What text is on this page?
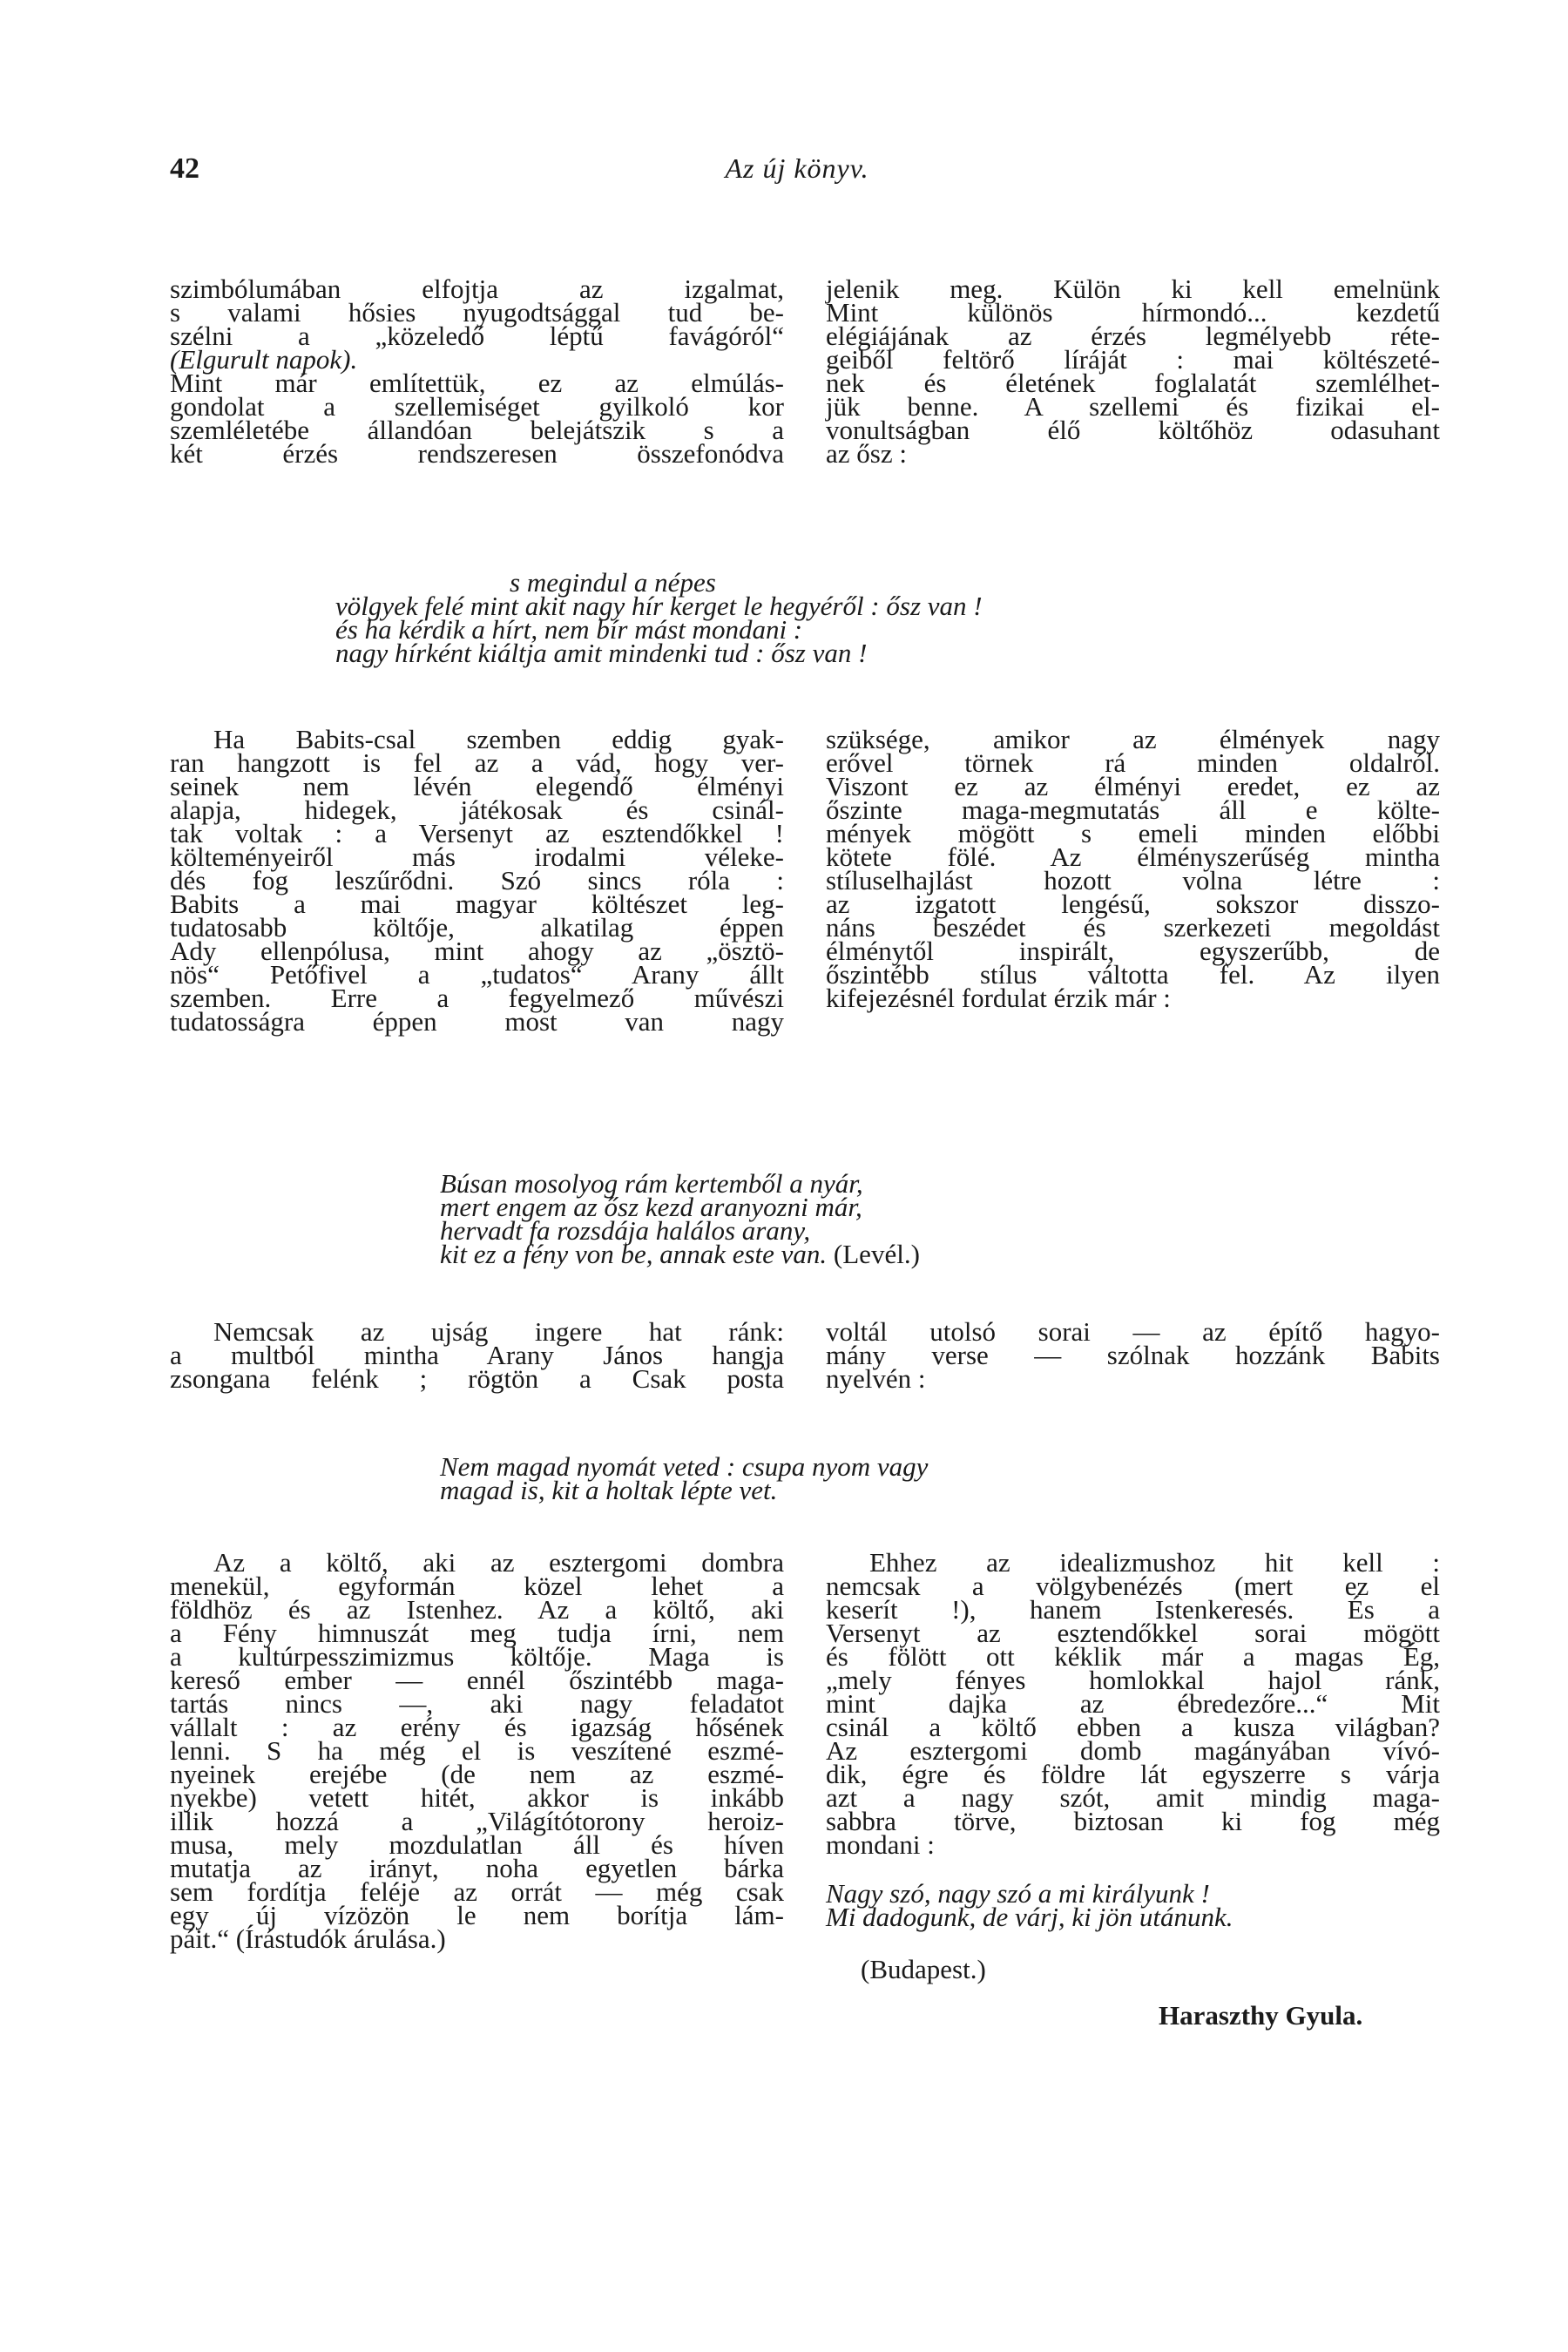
42	Az új könyv.
szimbólumában elfojtja az izgalmat,
s valami hősies nyugodtsággal tud be-
szélni a „közeledő léptű favágóról“
(Elgurult napok).
Mint már említettük, ez az elmúlás-
gondolat a szellemiséget gyilkoló kor
szemléletébe állandóan belejátszik s a
két érzés rendszeresen összefonódva
jelenik meg. Külön ki kell emelnünk
Mint különös hírmondó... kezdetű
elégiájának az érzés legmélyebb réte-
geiből feltörő líráját : mai költészeté-
nek és életének foglalatát szemlélhet-
jük benne. A szellemi és fizikai el-
vonultságban élő költőhöz odasuhant
az ősz :
s megindul a népes
völgyek felé mint akit nagy hír kerget le hegyéről : ősz van !
és ha kérdik a hírt, nem bír mást mondani :
nagy hírként kiáltja amit mindenki tud : ősz van !
Ha Babits-csal szemben eddig gyak-
ran hangzott is fel az a vád, hogy ver-
seinek nem lévén elegendő élményi
alapja, hidegek, játékosak és csinál-
tak voltak : a Versenyt az esztendőkkel !
költeményeiről más irodalmi véleke-
dés fog leszűrődni. Szó sincs róla :
Babits a mai magyar költészet leg-
tudatosabb költője, alkatilag éppen
Ady ellenpólusa, mint ahogy az „ösztö-
nös“ Petőfivel a „tudatos“ Arany állt
szemben. Erre a fegyelmező művészi
tudatosságra éppen most van nagy
szüksége, amikor az élmények nagy
erővel törnek rá minden oldalról.
Viszont ez az élményi eredet, ez az
őszinte maga-megmutatás áll e költe-
mények mögött s emeli minden előbbi
kötete fölé. Az élményszerűség mintha
stíluselhajlást hozott volna létre :
az izgatott lengésű, sokszor disszo-
náns beszédet és szerkezeti megoldást
élménytől inspirált, egyszerűbb, de
őszintébb stílus váltotta fel. Az ilyen
kifejezésnél fordulat érzik már :
Búsan mosolyog rám kertemből a nyár,
mert engem az ősz kezd aranyozni már,
hervadt fa rozsdája halálos arany,
kit ez a fény von be, annak este van. (Levél.)
Nemcsak az ujság ingere hat ránk:
a multból mintha Arany János hangja
zsongana felénk ; rögtön a Csak posta
voltál utolsó sorai — az építő hagyo-
mány verse — szólnak hozzánk Babits
nyelvén :
Nem magad nyomát veted : csupa nyom vagy
magad is, kit a holtak lépte vet.
Az a költő, aki az esztergomi dombra
menekül, egyformán közel lehet a
földhöz és az Istenhez. Az a költő, aki
a Fény himnuszát meg tudja írni, nem
a kultúrpesszimizmus költője. Maga is
kereső ember — ennél őszintébb maga-
tartás nincs —, aki nagy feladatot
vállalt : az erény és igazság hősének
lenni. S ha még el is veszítené eszmé-
nyeinek erejébe (de nem az eszmé-
nyekbe) vetett hitét, akkor is inkább
illik hozzá a „Világítótorony heroiz-
musa, mely mozdulatlan áll és híven
mutatja az irányt, noha egyetlen bárka
sem fordítja feléje az orrát — még csak
egy új vízözön le nem borítja lám-
páit.“ (Írástudók árulása.)
Ehhez az idealizmushoz hit kell :
nemcsak a völgybenézés (mert ez el
keserít !), hanem Istenkeresés. És a
Versenyt az esztendőkkel sorai mögött
és fölött ott kéklik már a magas Ég,
„mely fényes homlokkal hajol ránk,
mint dajka az ébredezőre...“ Mit
csinál a költő ebben a kusza világban?
Az esztergomi domb magányában vívó-
dik, égre és földre lát egyszerre s várja
azt a nagy szót, amit mindig maga-
sabbra törve, biztosan ki fog még
mondani :
Nagy szó, nagy szó a mi királyunk !
Mi dadogunk, de várj, ki jön utánunk.
(Budapest.)
Haraszthy Gyula.
